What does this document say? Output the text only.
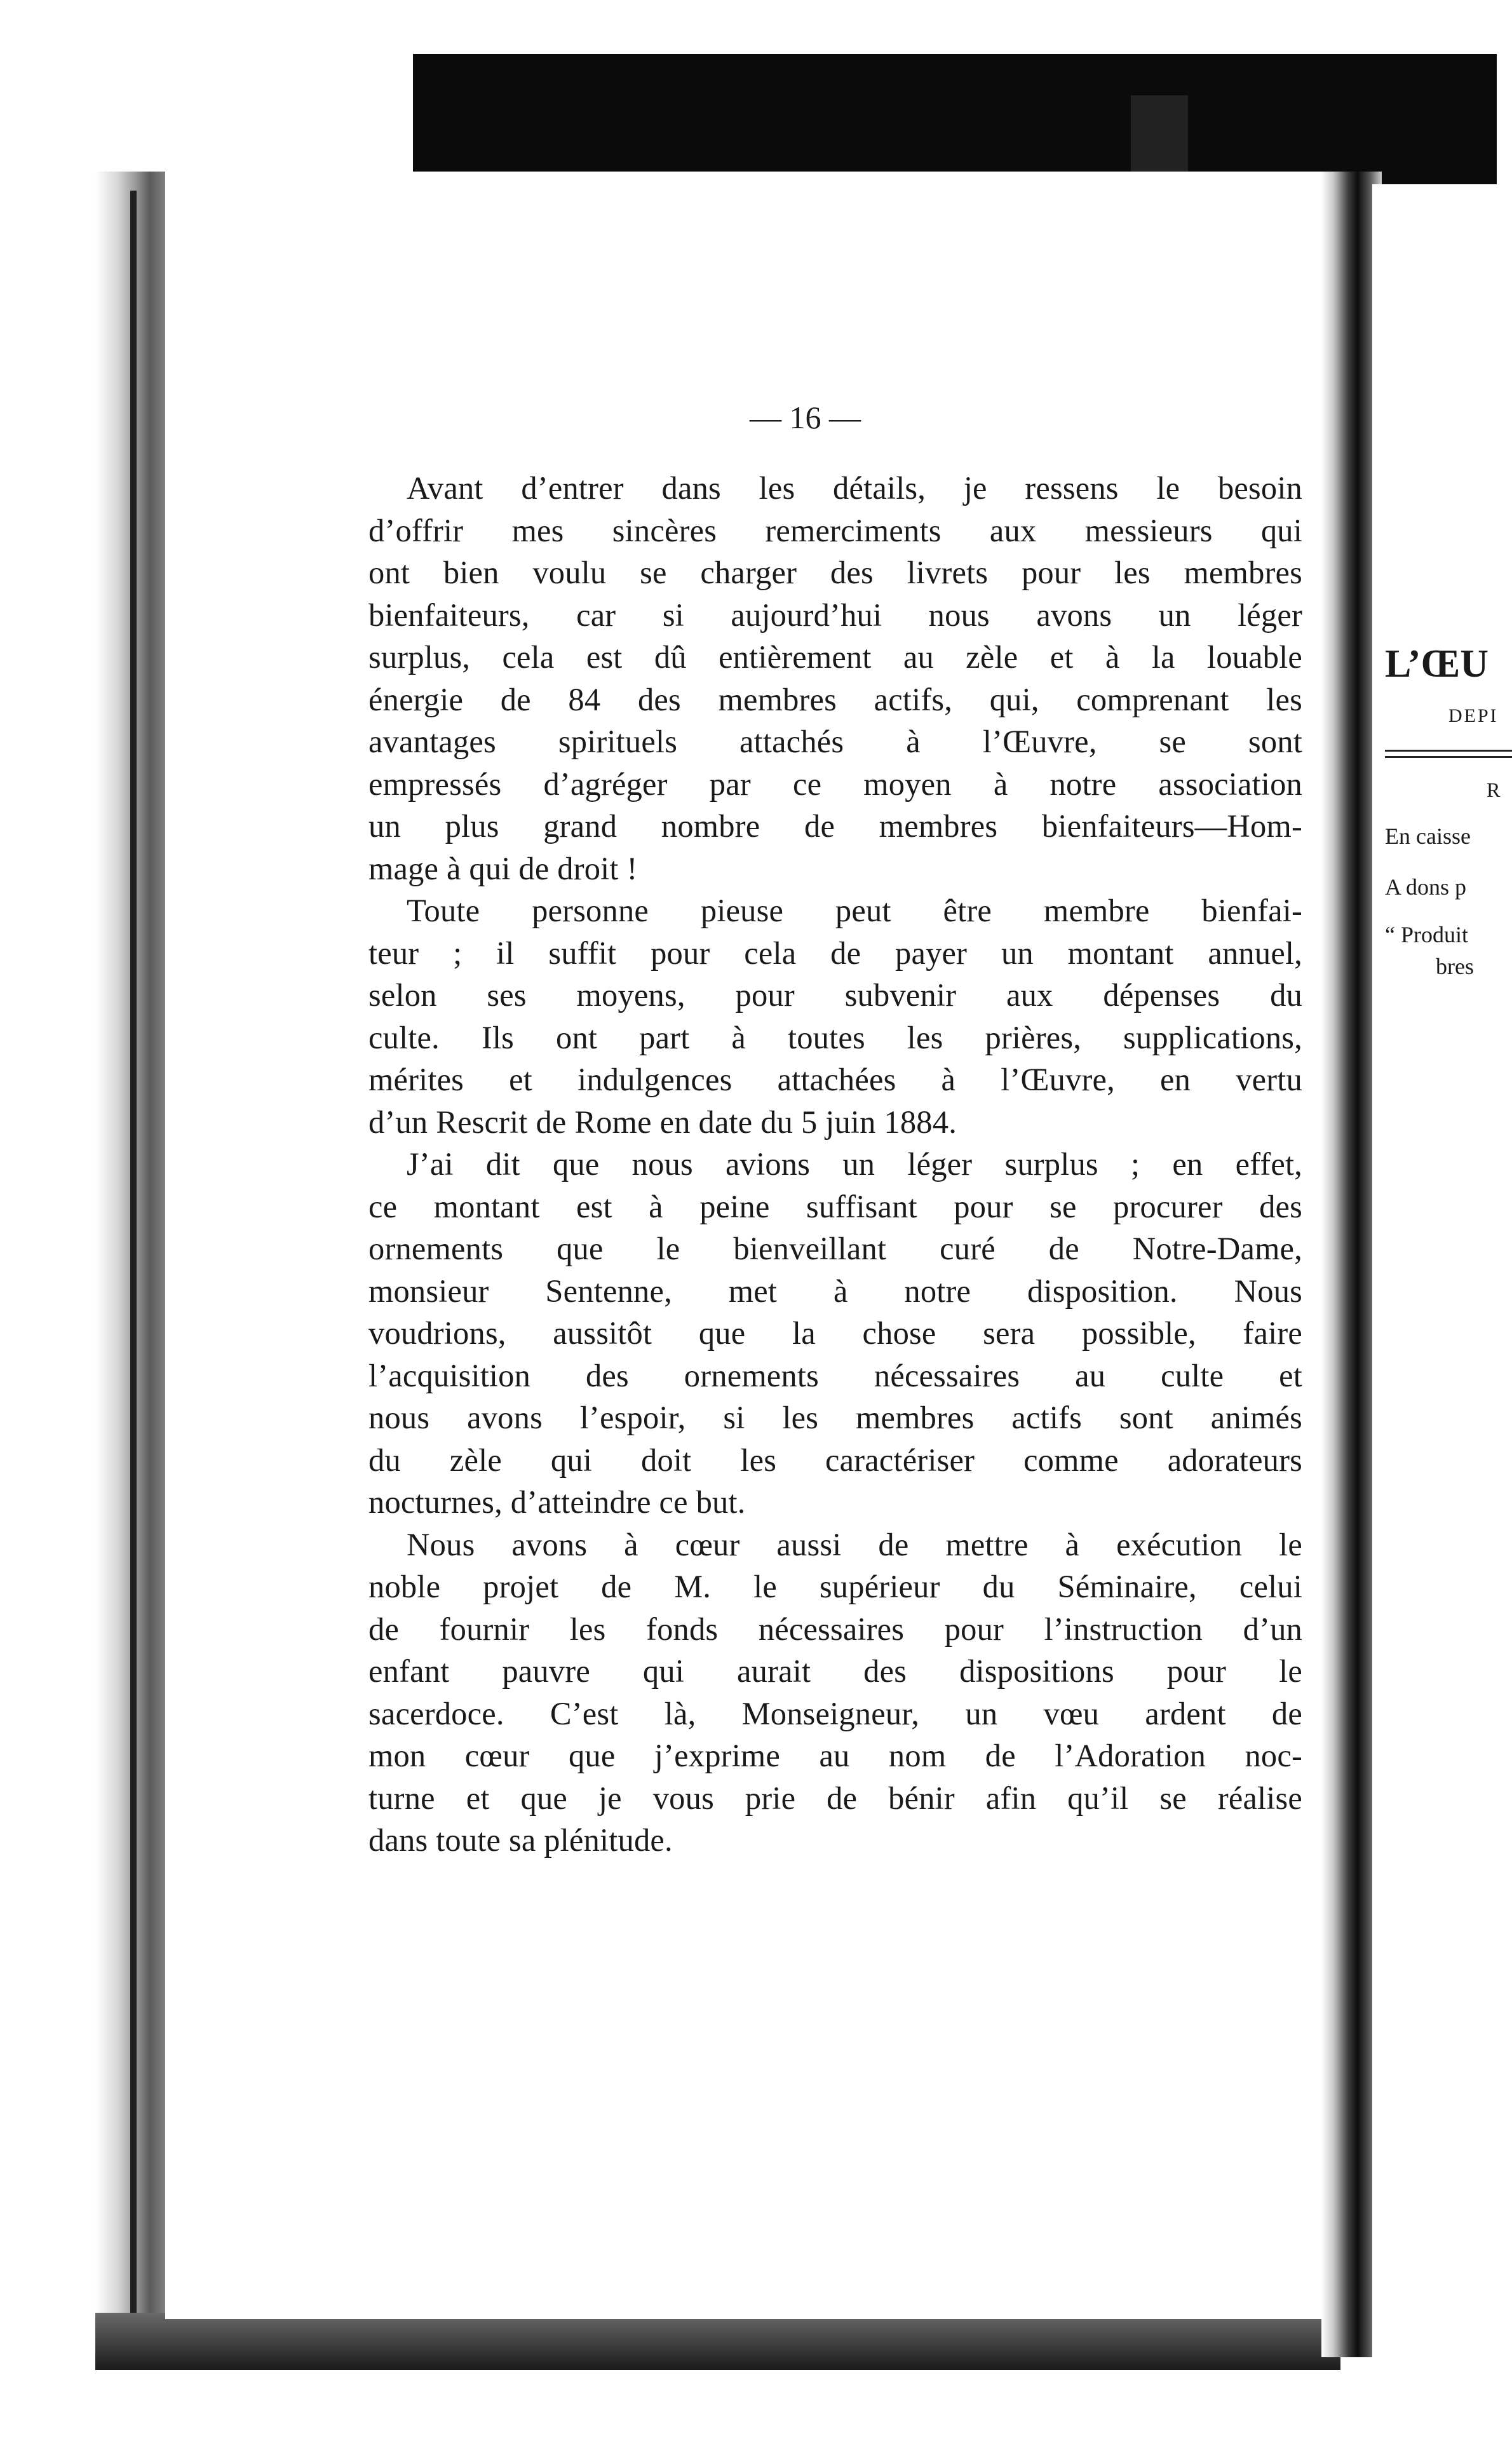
— 16 —
Avant d’entrer dans les détails, je ressens le besoin
d’offrir mes sincères remerciments aux messieurs qui
ont bien voulu se charger des livrets pour les membres
bienfaiteurs, car si aujourd’hui nous avons un léger
surplus, cela est dû entièrement au zèle et à la louable
énergie de 84 des membres actifs, qui, comprenant les
avantages spirituels attachés à l’Œuvre, se sont
empressés d’agréger par ce moyen à notre association
un plus grand nombre de membres bienfaiteurs—Hom-
mage à qui de droit !
Toute personne pieuse peut être membre bienfai-
teur ; il suffit pour cela de payer un montant annuel,
selon ses moyens, pour subvenir aux dépenses du
culte. Ils ont part à toutes les prières, supplications,
mérites et indulgences attachées à l’Œuvre, en vertu
d’un Rescrit de Rome en date du 5 juin 1884.
J’ai dit que nous avions un léger surplus ; en effet,
ce montant est à peine suffisant pour se procurer des
ornements que le bienveillant curé de Notre-Dame,
monsieur Sentenne, met à notre disposition. Nous
voudrions, aussitôt que la chose sera possible, faire
l’acquisition des ornements nécessaires au culte et
nous avons l’espoir, si les membres actifs sont animés
du zèle qui doit les caractériser comme adorateurs
nocturnes, d’atteindre ce but.
Nous avons à cœur aussi de mettre à exécution le
noble projet de M. le supérieur du Séminaire, celui
de fournir les fonds nécessaires pour l’instruction d’un
enfant pauvre qui aurait des dispositions pour le
sacerdoce. C’est là, Monseigneur, un vœu ardent de
mon cœur que j’exprime au nom de l’Adoration noc-
turne et que je vous prie de bénir afin qu’il se réalise
dans toute sa plénitude.
L’ŒU
DEPI
R
En caisse
A dons p
“ Produit
bres
